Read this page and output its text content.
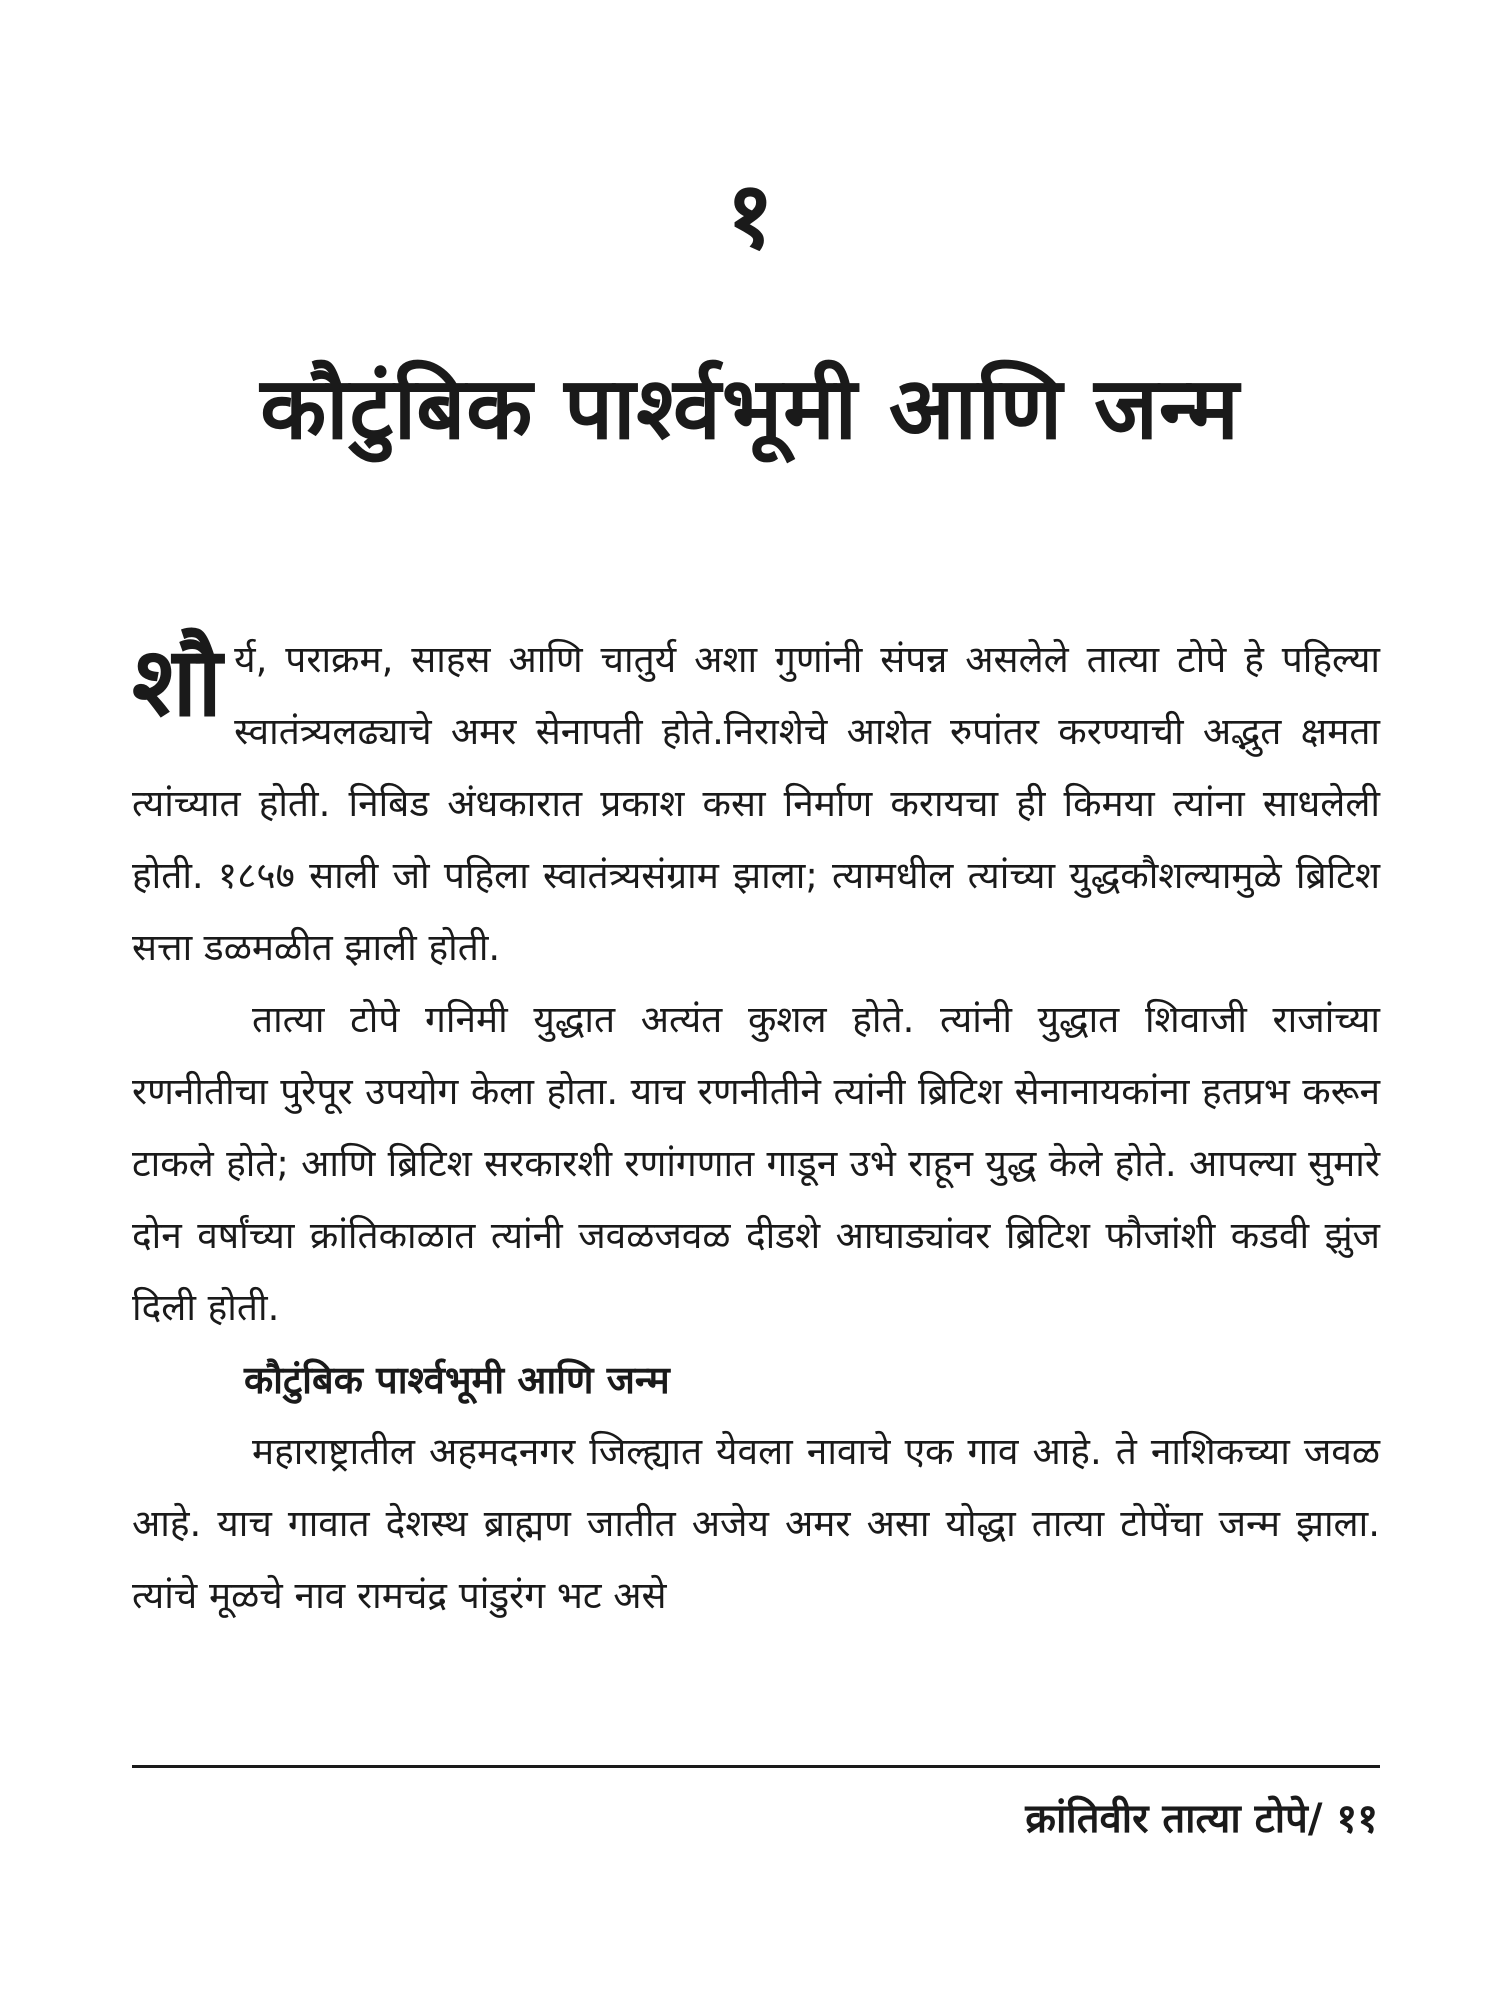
१
कौटुंबिक पार्श्वभूमी आणि जन्म

शौर्य, पराक्रम, साहस आणि चातुर्य अशा गुणांनी संपन्न असलेले तात्या टोपे हे पहिल्या स्वातंत्र्यलढ्याचे अमर सेनापती होते.निराशेचे आशेत रुपांतर करण्याची अद्भुत क्षमता त्यांच्यात होती. निबिड अंधकारात प्रकाश कसा निर्माण करायचा ही किमया त्यांना साधलेली होती. १८५७ साली जो पहिला स्वातंत्र्यसंग्राम झाला; त्यामधील त्यांच्या युद्धकौशल्यामुळे ब्रिटिश सत्ता डळमळीत झाली होती.

तात्या टोपे गनिमी युद्धात अत्यंत कुशल होते. त्यांनी युद्धात शिवाजी राजांच्या रणनीतीचा पुरेपूर उपयोग केला होता. याच रणनीतीने त्यांनी ब्रिटिश सेनानायकांना हतप्रभ करून टाकले होते; आणि ब्रिटिश सरकारशी रणांगणात गाडून उभे राहून युद्ध केले होते. आपल्या सुमारे दोन वर्षांच्या क्रांतिकाळात त्यांनी जवळजवळ दीडशे आघाड्यांवर ब्रिटिश फौजांशी कडवी झुंज दिली होती.

कौटुंबिक पार्श्वभूमी आणि जन्म

महाराष्ट्रातील अहमदनगर जिल्ह्यात येवला नावाचे एक गाव आहे. ते नाशिकच्या जवळ आहे. याच गावात देशस्थ ब्राह्मण जातीत अजेय अमर असा योद्धा तात्या टोपेंचा जन्म झाला. त्यांचे मूळचे नाव रामचंद्र पांडुरंग भट असे

क्रांतिवीर तात्या टोपे/ ११
